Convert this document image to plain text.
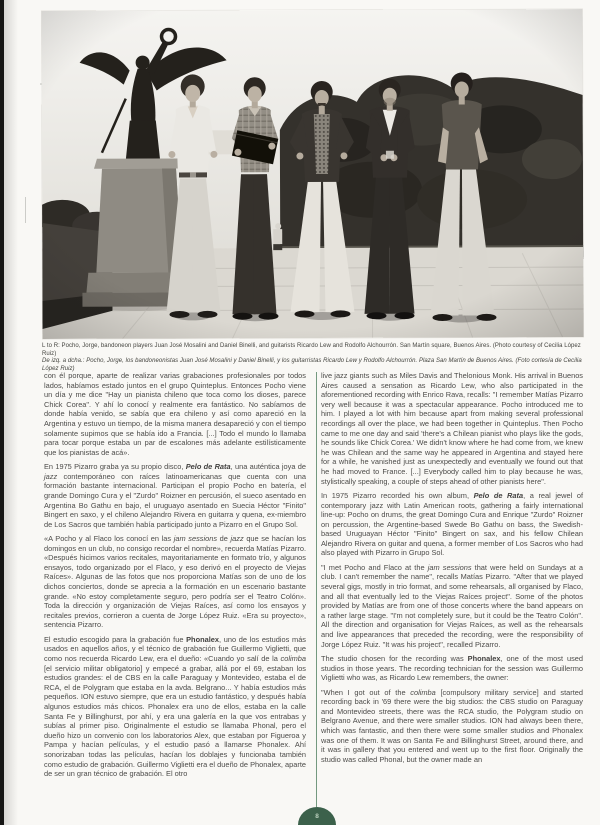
L to R: Pocho, Jorge, bandoneon players Juan José Mosalini and Daniel Binelli, and guitarists Ricardo Lew and Rodolfo Alchourrón. San Martín square, Buenos Aires. (Photo courtesy of Cecilia López Ruiz)
De izq. a dcha.: Pocho, Jorge, los bandoneonistas Juan José Mosalini y Daniel Binelli, y los guitarristas Ricardo Lew y Rodolfo Alchourrón. Plaza San Martín de Buenos Aires. (Foto cortesía de Cecilia López Ruiz)

con él porque, aparte de realizar varias grabaciones profesionales por todos lados, habíamos estado juntos en el grupo Quinteplus. Entonces Pocho viene un día y me dice "Hay un pianista chileno que toca como los dioses, parece Chick Corea". Y ahí lo conocí y realmente era fantástico. No sabíamos de donde había venido, se sabía que era chileno y así como apareció en la Argentina y estuvo un tiempo, de la misma manera desapareció y con el tiempo solamente supimos que se había ido a Francia. [...] Todo el mundo lo llamaba para tocar porque estaba un par de escalones más adelante estilísticamente que los pianistas de acá».

En 1975 Pizarro graba ya su propio disco, Pelo de Rata, una auténtica joya de jazz contemporáneo con raíces latinoamericanas que cuenta con una formación bastante internacional. Participan el propio Pocho en batería, el grande Domingo Cura y el "Zurdo" Roizner en percusión, el sueco asentado en Argentina Bo Gathu en bajo, el uruguayo asentado en Suecia Héctor "Finito" Bingert en saxo, y el chileno Alejandro Rivera en guitarra y quena, ex-miembro de Los Sacros que también había participado junto a Pizarro en el Grupo Sol.

«A Pocho y al Flaco los conocí en las jam sessions de jazz que se hacían los domingos en un club, no consigo recordar el nombre», recuerda Matías Pizarro. «Después hicimos varios recitales, mayoritariamente en formato trío, y algunos ensayos, todo organizado por el Flaco, y eso derivó en el proyecto de Viejas Raíces». Algunas de las fotos que nos proporciona Matías son de uno de los dichos conciertos, donde se aprecia a la formación en un escenario bastante grande. «No estoy completamente seguro, pero podría ser el Teatro Colón». Toda la dirección y organización de Viejas Raíces, así como los ensayos y recitales previos, corrieron a cuenta de Jorge López Ruiz. «Era su proyecto», sentencia Pizarro.

El estudio escogido para la grabación fue Phonalex, uno de los estudios más usados en aquellos años, y el técnico de grabación fue Guillermo Viglietti, que como nos recuerda Ricardo Lew, era el dueño: «Cuando yo salí de la colimba [el servicio militar obligatorio] y empecé a grabar, allá por el 69, estaban los estudios grandes: el de CBS en la calle Paraguay y Montevideo, estaba el de RCA, el de Polygram que estaba en la avda. Belgrano... Y había estudios más pequeños. ION estuvo siempre, que era un estudio fantástico, y después había algunos estudios más chicos. Phonalex era uno de ellos, estaba en la calle Santa Fe y Billinghurst, por ahí, y era una galería en la que vos entrabas y subías al primer piso. Originalmente el estudio se llamaba Phonal, pero el dueño hizo un convenio con los laboratorios Alex, que estaban por Figueroa y Pampa y hacían películas, y el estudio pasó a llamarse Phonalex. Ahí sonorizaban todas las películas, hacían los doblajes y funcionaba también como estudio de grabación. Guillermo Viglietti era el dueño de Phonalex, aparte de ser un gran técnico de grabación. El otro

live jazz giants such as Miles Davis and Thelonious Monk. His arrival in Buenos Aires caused a sensation as Ricardo Lew, who also participated in the aforementioned recording with Enrico Rava, recalls: "I remember Matías Pizarro very well because it was a spectacular appearance. Pocho introduced me to him. I played a lot with him because apart from making several professional recordings all over the place, we had been together in Quinteplus. Then Pocho came to me one day and said 'there's a Chilean pianist who plays like the gods, he sounds like Chick Corea.' We didn't know where he had come from, we knew he was Chilean and the same way he appeared in Argentina and stayed here for a while, he vanished just as unexpectedly and eventually we found out that he had moved to France. [...] Everybody called him to play because he was, stylistically speaking, a couple of steps ahead of other pianists here".

In 1975 Pizarro recorded his own album, Pelo de Rata, a real jewel of contemporary jazz with Latin American roots, gathering a fairly international line-up: Pocho on drums, the great Domingo Cura and Enrique "Zurdo" Roizner on percussion, the Argentine-based Swede Bo Gathu on bass, the Swedish-based Uruguayan Héctor "Finito" Bingert on sax, and his fellow Chilean Alejandro Rivera on guitar and quena, a former member of Los Sacros who had also played with Pizarro in Grupo Sol.

"I met Pocho and Flaco at the jam sessions that were held on Sundays at a club. I can't remember the name", recalls Matías Pizarro. "After that we played several gigs, mostly in trio format, and some rehearsals, all organised by Flaco, and all that eventually led to the Viejas Raíces project". Some of the photos provided by Matías are from one of those concerts where the band appears on a rather large stage. "I'm not completely sure, but it could be the Teatro Colón". All the direction and organisation for Viejas Raíces, as well as the rehearsals and live appearances that preceded the recording, were the responsibility of Jorge López Ruiz. "It was his project", recalled Pizarro.

The studio chosen for the recording was Phonalex, one of the most used studios in those years. The recording technician for the session was Guillermo Viglietti who was, as Ricardo Lew remembers, the owner:

"When I got out of the colimba [compulsory military service] and started recording back in '69 there were the big studios: the CBS studio on Paraguay and Montevideo streets, there was the RCA studio, the Polygram studio on Belgrano Avenue, and there were smaller studios. ION had always been there, which was fantastic, and then there were some smaller studios and Phonalex was one of them. It was on Santa Fe and Billinghurst Street, around there, and it was in gallery that you entered and went up to the first floor. Originally the studio was called Phonal, but the owner made an

8
